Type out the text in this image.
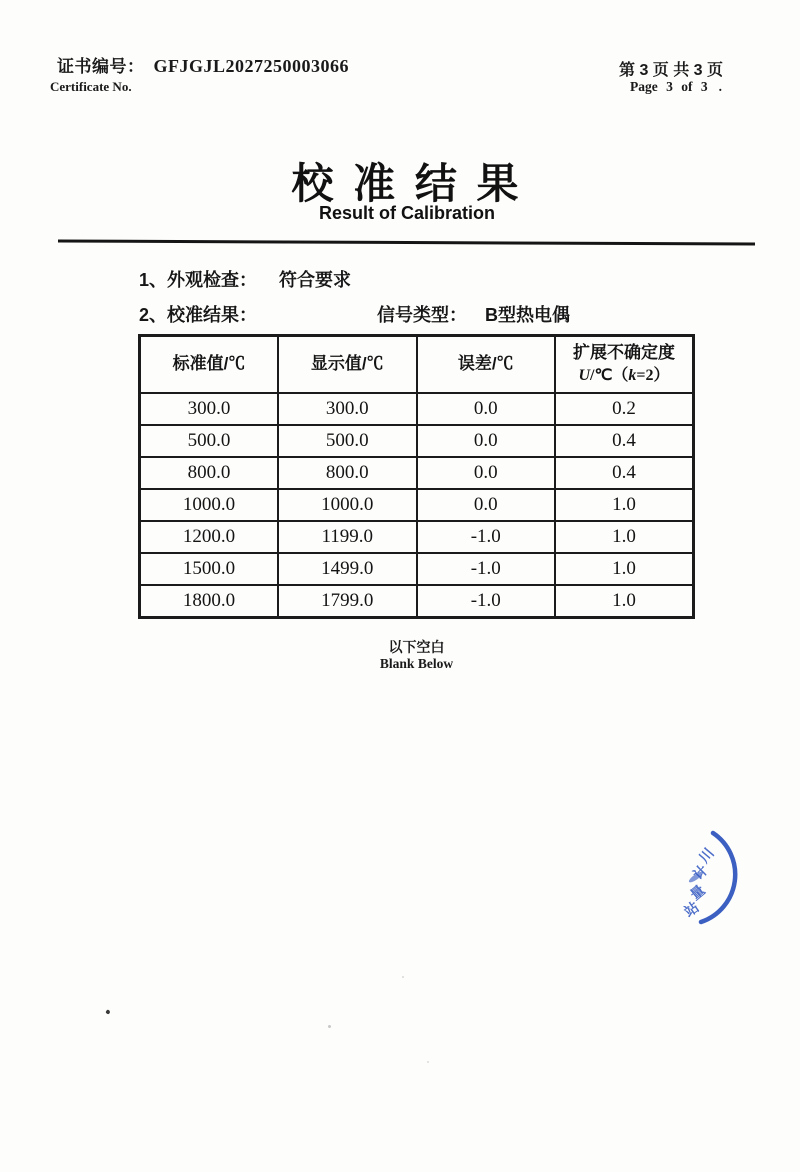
证书编号： GFJGJL2027250003066
Certificate No.
第 3 页 共 3 页
Page 3 of 3 .
校 准 结 果
Result of Calibration
1、外观检查： 符合要求
2、校准结果：	信号类型： B型热电偶
标准值/℃	显示值/℃	误差/℃	扩展不确定度
U/℃（k=2）

300.0	300.0	0.0	0.2
500.0	500.0	0.0	0.4
800.0	800.0	0.0	0.4
1000.0	1000.0	0.0	1.0
1200.0	1199.0	-1.0	1.0
1500.0	1499.0	-1.0	1.0
1800.0	1799.0	-1.0	1.0
以下空白
Blank Below
川
计
量
站
